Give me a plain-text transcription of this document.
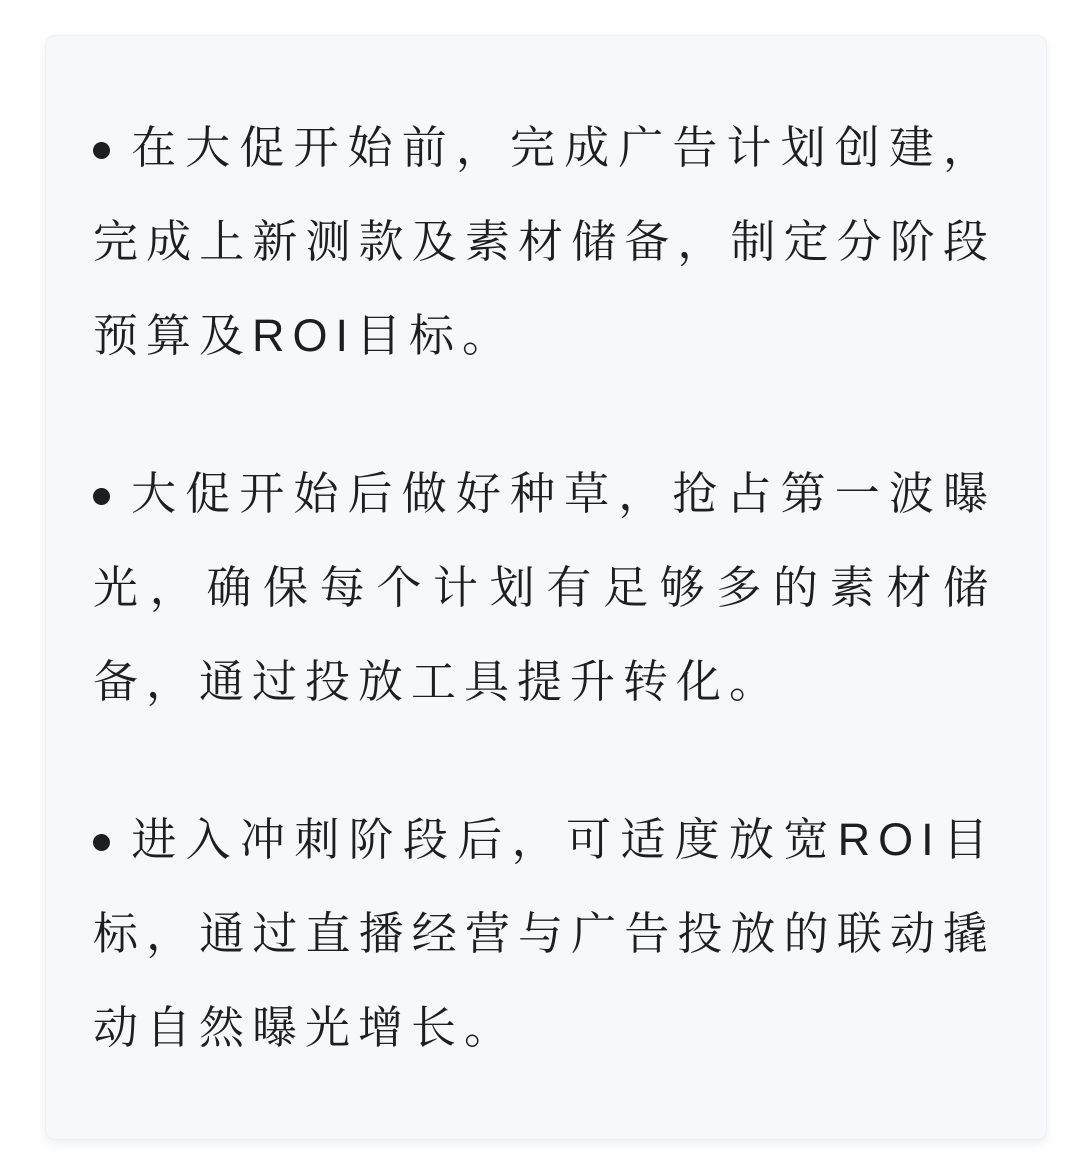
在大促开始前，完成广告计划创建，完成上新测款及素材储备，制定分阶段预算及ROI目标。

大促开始后做好种草，抢占第一波曝光，确保每个计划有足够多的素材储备，通过投放工具提升转化。

进入冲刺阶段后，可适度放宽ROI目标，通过直播经营与广告投放的联动撬动自然曝光增长。
